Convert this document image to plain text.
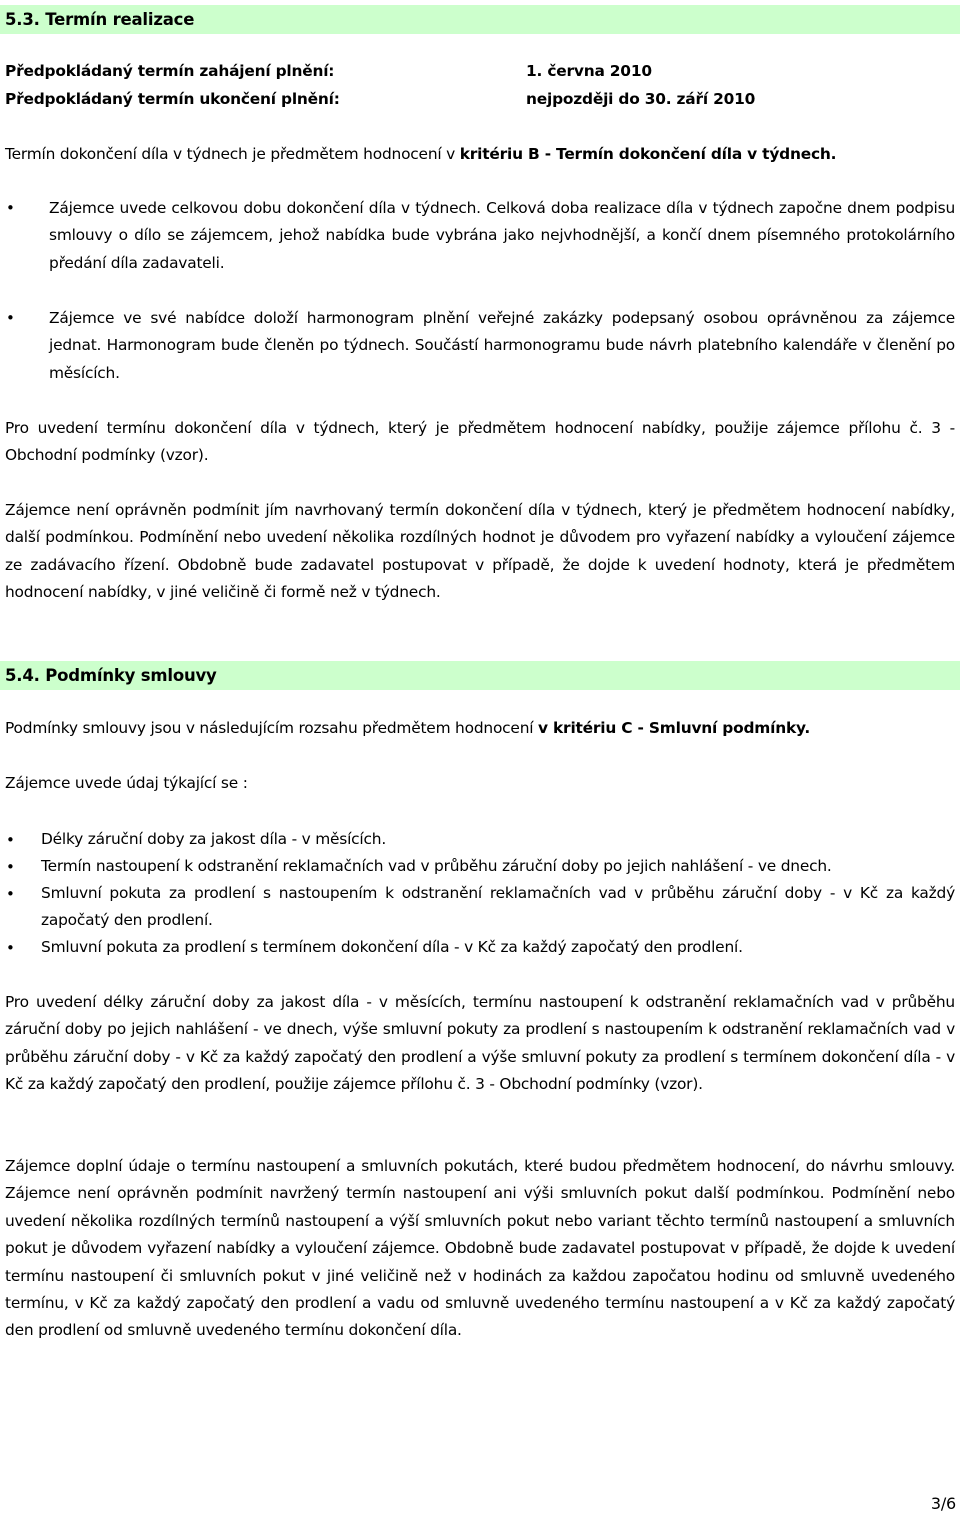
5.3. Termín realizace
Předpokládaný termín zahájení plnění:	1. června 2010
Předpokládaný termín ukončení plnění:	nejpozději do 30. září 2010
Termín dokončení díla v týdnech je předmětem hodnocení v kritériu B - Termín dokončení díla v týdnech.
• Zájemce uvede celkovou dobu dokončení díla v týdnech. Celková doba realizace díla v týdnech započne dnem podpisu smlouvy o dílo se zájemcem, jehož nabídka bude vybrána jako nejvhodnější, a končí dnem písemného protokolárního předání díla zadavateli.
• Zájemce ve své nabídce doloží harmonogram plnění veřejné zakázky podepsaný osobou oprávněnou za zájemce jednat. Harmonogram bude členěn po týdnech. Součástí harmonogramu bude návrh platebního kalendáře v členění po měsících.
Pro uvedení termínu dokončení díla v týdnech, který je předmětem hodnocení nabídky, použije zájemce přílohu č. 3 - Obchodní podmínky (vzor).
Zájemce není oprávněn podmínit jím navrhovaný termín dokončení díla v týdnech, který je předmětem hodnocení nabídky, další podmínkou. Podmínění nebo uvedení několika rozdílných hodnot je důvodem pro vyřazení nabídky a vyloučení zájemce ze zadávacího řízení. Obdobně bude zadavatel postupovat v případě, že dojde k uvedení hodnoty, která je předmětem hodnocení nabídky, v jiné veličině či formě než v týdnech.
5.4. Podmínky smlouvy
Podmínky smlouvy jsou v následujícím rozsahu předmětem hodnocení v kritériu C - Smluvní podmínky.
Zájemce uvede údaj týkající se :
• Délky záruční doby za jakost díla - v měsících.
• Termín nastoupení k odstranění reklamačních vad v průběhu záruční doby po jejich nahlášení - ve dnech.
• Smluvní pokuta za prodlení s nastoupením k odstranění reklamačních vad v průběhu záruční doby - v Kč za každý započatý den prodlení.
• Smluvní pokuta za prodlení s termínem dokončení díla - v Kč za každý započatý den prodlení.
Pro uvedení délky záruční doby za jakost díla - v měsících, termínu nastoupení k odstranění reklamačních vad v průběhu záruční doby po jejich nahlášení - ve dnech, výše smluvní pokuty za prodlení s nastoupením k odstranění reklamačních vad v průběhu záruční doby - v Kč za každý započatý den prodlení a výše smluvní pokuty za prodlení s termínem dokončení díla - v Kč za každý započatý den prodlení, použije zájemce přílohu č. 3 - Obchodní podmínky (vzor).
Zájemce doplní údaje o termínu nastoupení a smluvních pokutách, které budou předmětem hodnocení, do návrhu smlouvy. Zájemce není oprávněn podmínit navržený termín nastoupení ani výši smluvních pokut další podmínkou. Podmínění nebo uvedení několika rozdílných termínů nastoupení a výší smluvních pokut nebo variant těchto termínů nastoupení a smluvních pokut je důvodem vyřazení nabídky a vyloučení zájemce. Obdobně bude zadavatel postupovat v případě, že dojde k uvedení termínu nastoupení či smluvních pokut v jiné veličině než v hodinách za každou započatou hodinu od smluvně uvedeného termínu, v Kč za každý započatý den prodlení a vadu od smluvně uvedeného termínu nastoupení a v Kč za každý započatý den prodlení od smluvně uvedeného termínu dokončení díla.
3/6
